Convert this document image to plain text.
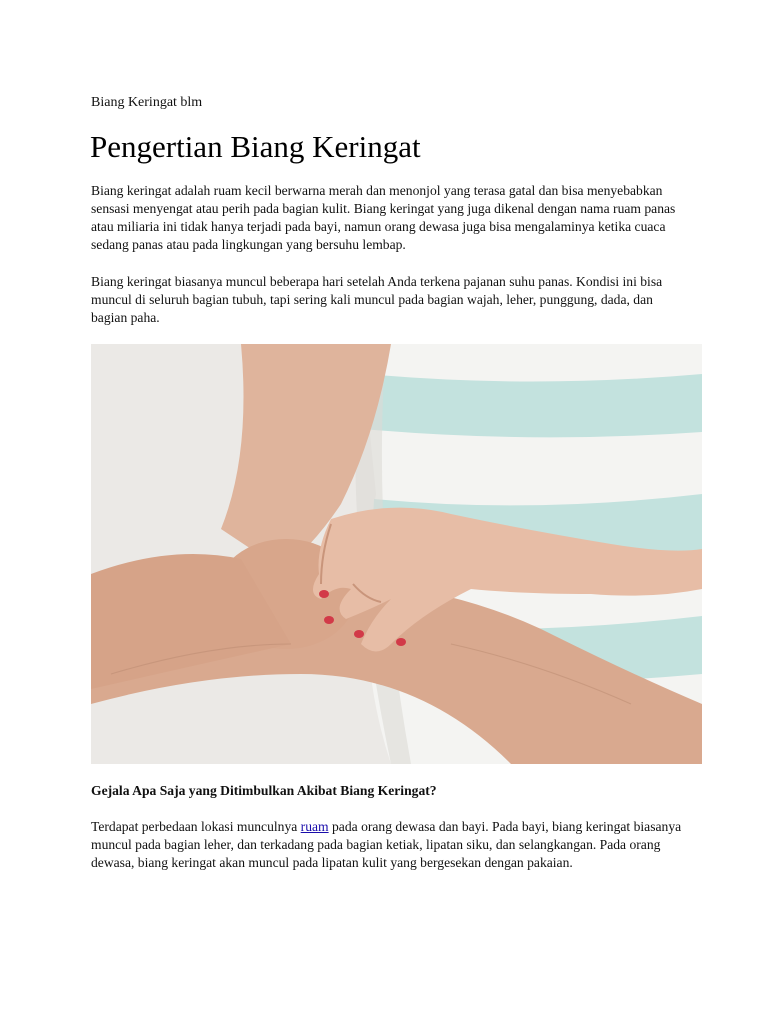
Biang Keringat blm
Pengertian Biang Keringat

Biang keringat adalah ruam kecil berwarna merah dan menonjol yang terasa gatal dan bisa menyebabkan sensasi menyengat atau perih pada bagian kulit. Biang keringat yang juga dikenal dengan nama ruam panas atau miliaria ini tidak hanya terjadi pada bayi, namun orang dewasa juga bisa mengalaminya ketika cuaca sedang panas atau pada lingkungan yang bersuhu lembap.

Biang keringat biasanya muncul beberapa hari setelah Anda terkena pajanan suhu panas. Kondisi ini bisa muncul di seluruh bagian tubuh, tapi sering kali muncul pada bagian wajah, leher, punggung, dada, dan bagian paha.

Gejala Apa Saja yang Ditimbulkan Akibat Biang Keringat?

Terdapat perbedaan lokasi munculnya ruam pada orang dewasa dan bayi. Pada bayi, biang keringat biasanya muncul pada bagian leher, dan terkadang pada bagian ketiak, lipatan siku, dan selangkangan. Pada orang dewasa, biang keringat akan muncul pada lipatan kulit yang bergesekan dengan pakaian.
